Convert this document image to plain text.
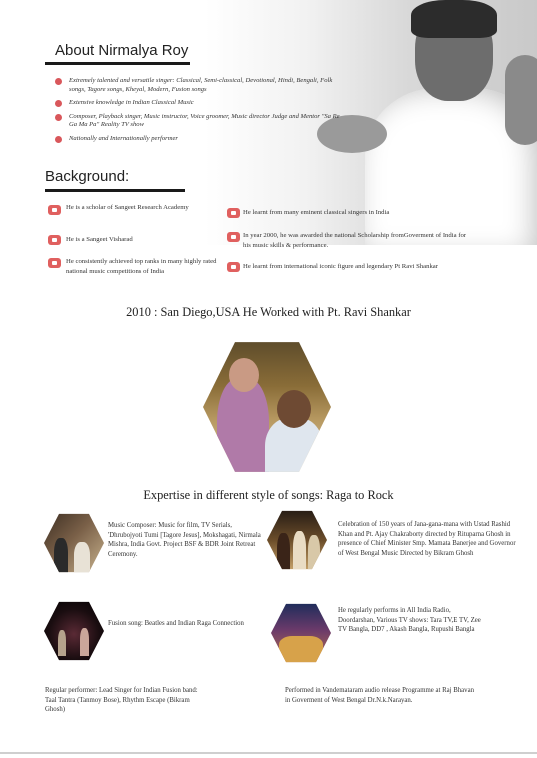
About Nirmalya Roy
Extremely talented and versatile singer: Classical, Semi-classical, Devotional, Hindi, Bengali, Folk songs, Tagore songs, Kheyal, Modern, Fusion songs
Extensive knowledge in Indian Classical Music
Composer, Playback singer, Music instructor, Voice groomer, Music director Judge and Mentor "Sa Re Ga Ma Pa" Reality TV show
Nationally and Internationally performer
Background:
He is a scholar of Sangeet Research Academy
He is a Sangeet Visharad
He consistently achieved top ranks in many highly rated national music competitions of India
He learnt from many eminent classical singers in India
In year 2000, he was awarded the national Scholarship fromGoverment of India for his music skills & performance.
He learnt from international iconic figure and legendary Pt Ravi Shankar
2010 : San Diego,USA He Worked with Pt. Ravi Shankar
Expertise in different style of songs: Raga to Rock
Music Composer: Music for film, TV Serials, 'Dhrubojyoti Tumi [Tagore Jesus], Mokshagati, Nirmala Mishra, India Govt. Project BSF & BDR Joint Retreat Ceremony.
Celebration of 150 years of Jana-gana-mana with Ustad Rashid Khan and Pt. Ajay Chakraborty directed by Rituparna Ghosh in presence of Chief Minister Smp. Mamata Banerjee and Governor of West Bengal Music Directed by Bikram Ghosh
Fusion song: Beatles and Indian Raga Connection
He regularly performs in All India Radio, Doordarshan, Various TV shows: Tara TV,E TV, Zee TV Bangla, DD7 , Akash Bangla, Rupushi Bangla
Regular performer: Lead Singer for Indian Fusion band: Taal Tantra (Tanmoy Bose), Rhythm Escape (Bikram Ghosh)
Performed in Vandemataram audio release Programme at Raj Bhavan in Goverment of West Bengal Dr.N.k.Narayan.
